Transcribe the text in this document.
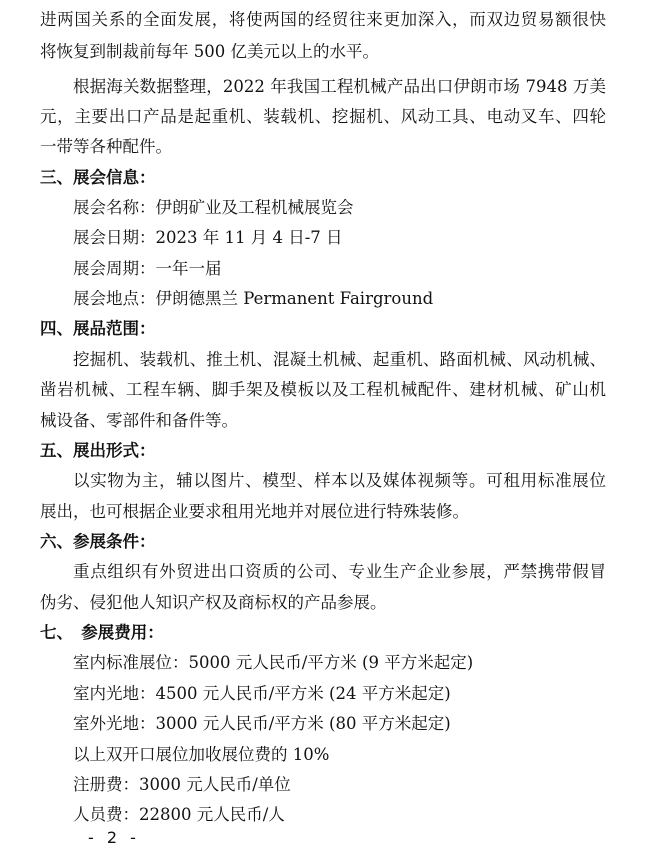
进两国关系的全面发展，将使两国的经贸往来更加深入，而双边贸易额很快
将恢复到制裁前每年 500 亿美元以上的水平。
根据海关数据整理，2022 年我国工程机械产品出口伊朗市场 7948 万美
元，主要出口产品是起重机、装载机、挖掘机、风动工具、电动叉车、四轮
一带等各种配件。
三、展会信息：
展会名称：伊朗矿业及工程机械展览会
展会日期：2023 年 11 月 4 日-7 日
展会周期：一年一届
展会地点：伊朗德黑兰 Permanent Fairground
四、展品范围：
挖掘机、装载机、推土机、混凝土机械、起重机、路面机械、风动机械、
凿岩机械、工程车辆、脚手架及模板以及工程机械配件、建材机械、矿山机
械设备、零部件和备件等。
五、展出形式：
以实物为主，辅以图片、模型、样本以及媒体视频等。可租用标准展位
展出，也可根据企业要求租用光地并对展位进行特殊装修。
六、参展条件：
重点组织有外贸进出口资质的公司、专业生产企业参展，严禁携带假冒
伪劣、侵犯他人知识产权及商标权的产品参展。
七、　参展费用：
室内标准展位：5000 元人民币/平方米 (9 平方米起定)
室内光地：4500 元人民币/平方米 (24 平方米起定)
室外光地：3000 元人民币/平方米 (80 平方米起定)
以上双开口展位加收展位费的 10%
注册费：3000 元人民币/单位
人员费：22800 元人民币/人
- 2 -
